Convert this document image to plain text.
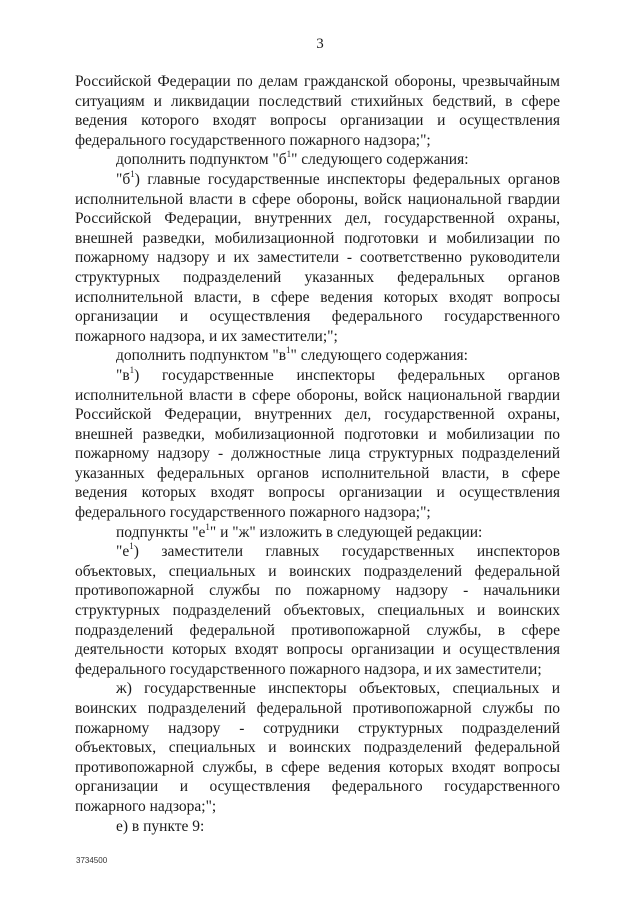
3

Российской Федерации по делам гражданской обороны, чрезвычайным ситуациям и ликвидации последствий стихийных бедствий, в сфере ведения которого входят вопросы организации и осуществления федерального государственного пожарного надзора;";

дополнить подпунктом "$б^1$" следующего содержания:

"$б^1$) главные государственные инспекторы федеральных органов исполнительной власти в сфере обороны, войск национальной гвардии Российской Федерации, внутренних дел, государственной охраны, внешней разведки, мобилизационной подготовки и мобилизации по пожарному надзору и их заместители - соответственно руководители структурных подразделений указанных федеральных органов исполнительной власти, в сфере ведения которых входят вопросы организации и осуществления федерального государственного пожарного надзора, и их заместители;";

дополнить подпунктом "$в^1$" следующего содержания:

"$в^1$) государственные инспекторы федеральных органов исполнительной власти в сфере обороны, войск национальной гвардии Российской Федерации, внутренних дел, государственной охраны, внешней разведки, мобилизационной подготовки и мобилизации по пожарному надзору - должностные лица структурных подразделений указанных федеральных органов исполнительной власти, в сфере ведения которых входят вопросы организации и осуществления федерального государственного пожарного надзора;";

подпункты "$е^1$" и "ж" изложить в следующей редакции:

"$е^1$) заместители главных государственных инспекторов объектовых, специальных и воинских подразделений федеральной противопожарной службы по пожарному надзору - начальники структурных подразделений объектовых, специальных и воинских подразделений федеральной противопожарной службы, в сфере деятельности которых входят вопросы организации и осуществления федерального государственного пожарного надзора, и их заместители;

ж) государственные инспекторы объектовых, специальных и воинских подразделений федеральной противопожарной службы по пожарному надзору - сотрудники структурных подразделений объектовых, специальных и воинских подразделений федеральной противопожарной службы, в сфере ведения которых входят вопросы организации и осуществления федерального государственного пожарного надзора;";

е) в пункте 9:

3734500
